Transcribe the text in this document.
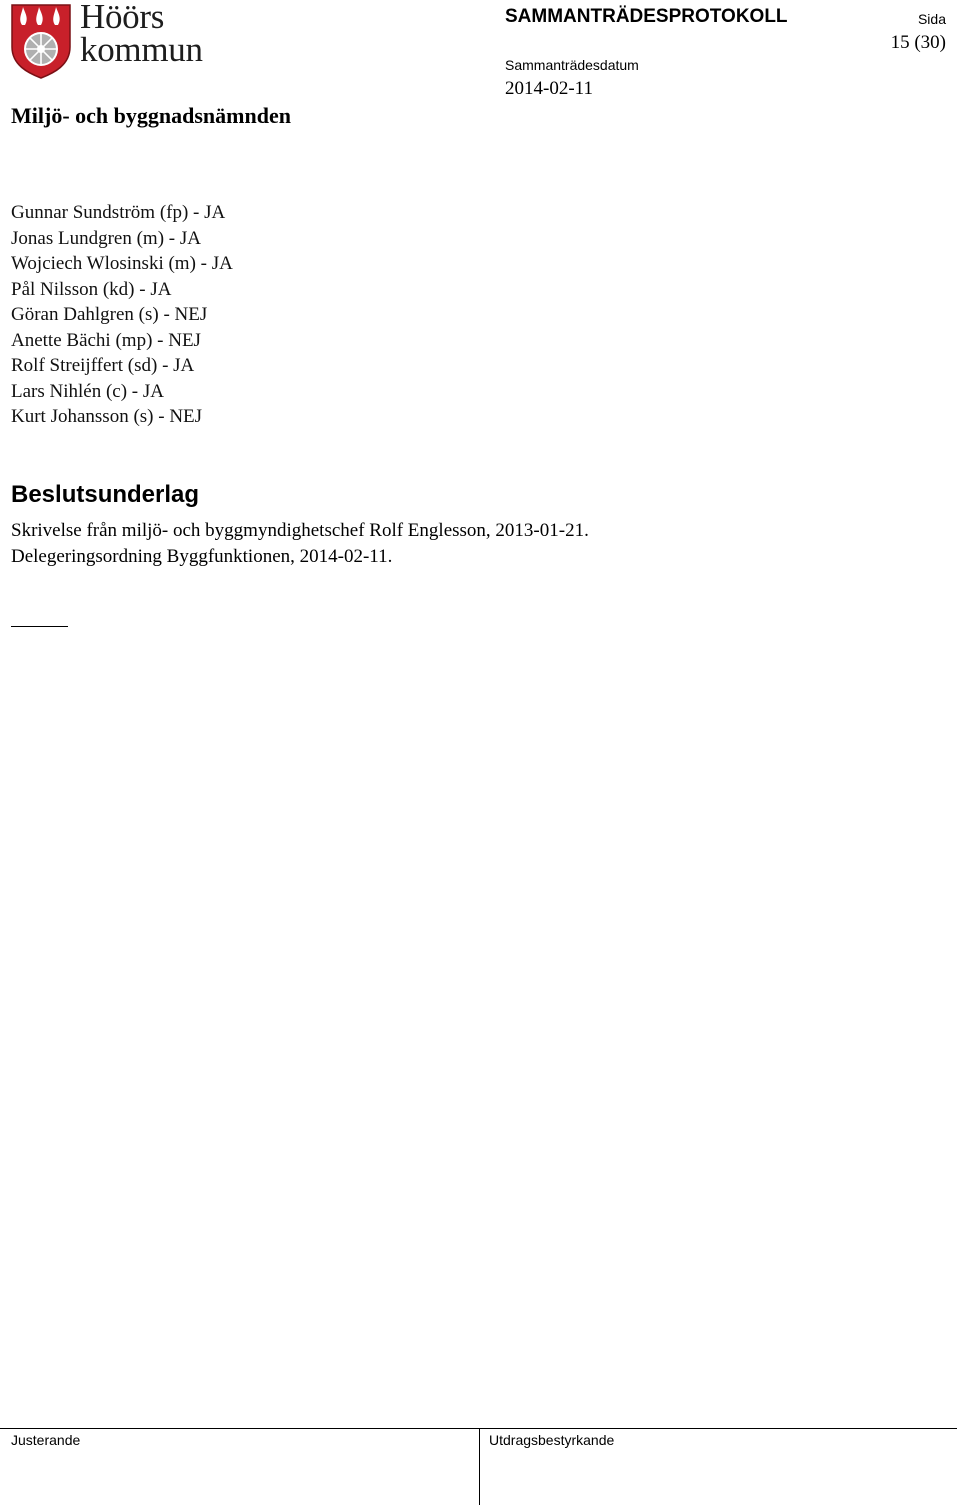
Höörs
kommun
Miljö- och byggnadsnämnden
SAMMANTRÄDESPROTOKOLL	Sida
15 (30)
Sammanträdesdatum
2014-02-11
Gunnar Sundström (fp) - JA
Jonas Lundgren (m) - JA
Wojciech Wlosinski (m) - JA
Pål Nilsson (kd) - JA
Göran Dahlgren (s) - NEJ
Anette Bächi (mp) - NEJ
Rolf Streijffert (sd) - JA
Lars Nihlén (c) - JA
Kurt Johansson (s) - NEJ
Beslutsunderlag
Skrivelse från miljö- och byggmyndighetschef Rolf Englesson, 2013-01-21.
Delegeringsordning Byggfunktionen, 2014-02-11.
Justerande	Utdragsbestyrkande
